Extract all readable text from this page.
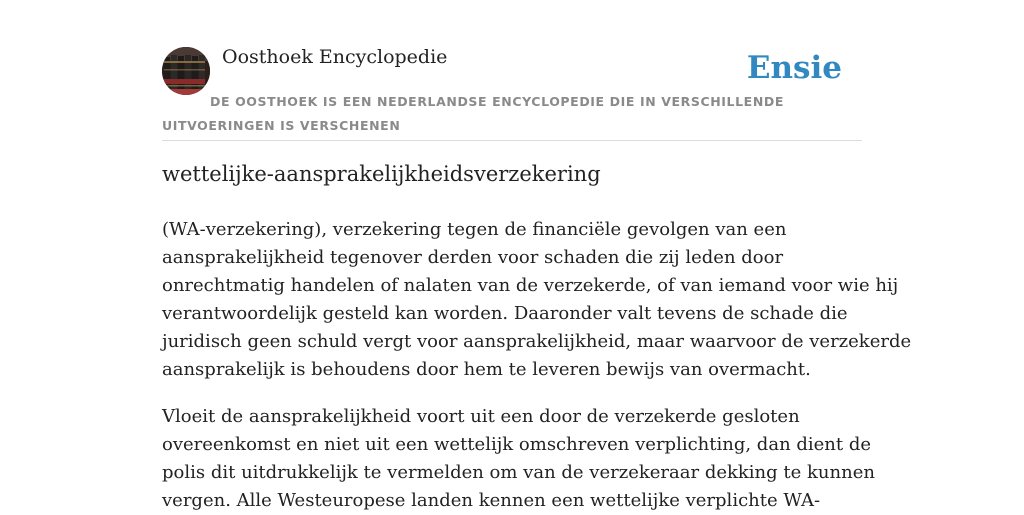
Oosthoek Encyclopedie	Ensie
DE OOSTHOEK IS EEN NEDERLANDSE ENCYCLOPEDIE DIE IN VERSCHILLENDE UITVOERINGEN IS VERSCHENEN
wettelijke-aansprakelijkheidsverzekering

(WA-verzekering), verzekering tegen de financiële gevolgen van een
aansprakelijkheid tegenover derden voor schaden die zij leden door
onrechtmatig handelen of nalaten van de verzekerde, of van iemand voor wie hij
verantwoordelijk gesteld kan worden. Daaronder valt tevens de schade die
juridisch geen schuld vergt voor aansprakelijkheid, maar waarvoor de verzekerde
aansprakelijk is behoudens door hem te leveren bewijs van overmacht.

Vloeit de aansprakelijkheid voort uit een door de verzekerde gesloten
overeenkomst en niet uit een wettelijk omschreven verplichting, dan dient de
polis dit uitdrukkelijk te vermelden om van de verzekeraar dekking te kunnen
vergen. Alle Westeuropese landen kennen een wettelijke verplichte WA-
